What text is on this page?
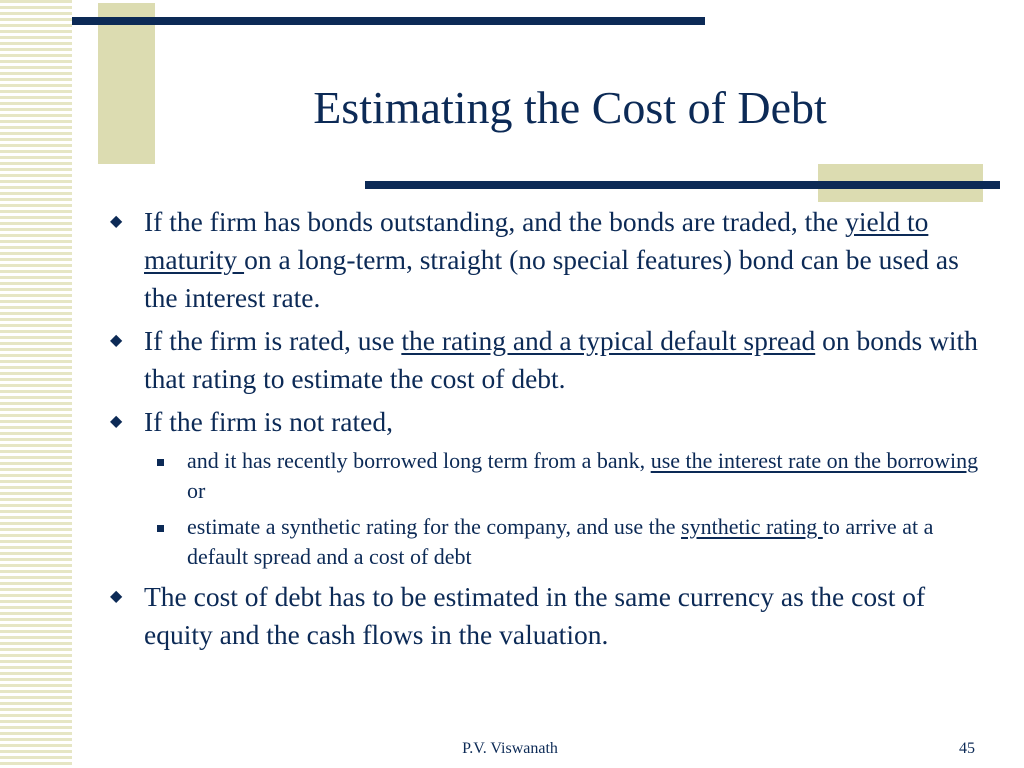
Estimating the Cost of Debt
◆ If the firm has bonds outstanding, and the bonds are traded, the yield to maturity on a long-term, straight (no special features) bond can be used as the interest rate.
◆ If the firm is rated, use the rating and a typical default spread on bonds with that rating to estimate the cost of debt.
◆ If the firm is not rated,
and it has recently borrowed long term from a bank, use the interest rate on the borrowing or
estimate a synthetic rating for the company, and use the synthetic rating to arrive at a default spread and a cost of debt
◆ The cost of debt has to be estimated in the same currency as the cost of equity and the cash flows in the valuation.
P.V. Viswanath	45
